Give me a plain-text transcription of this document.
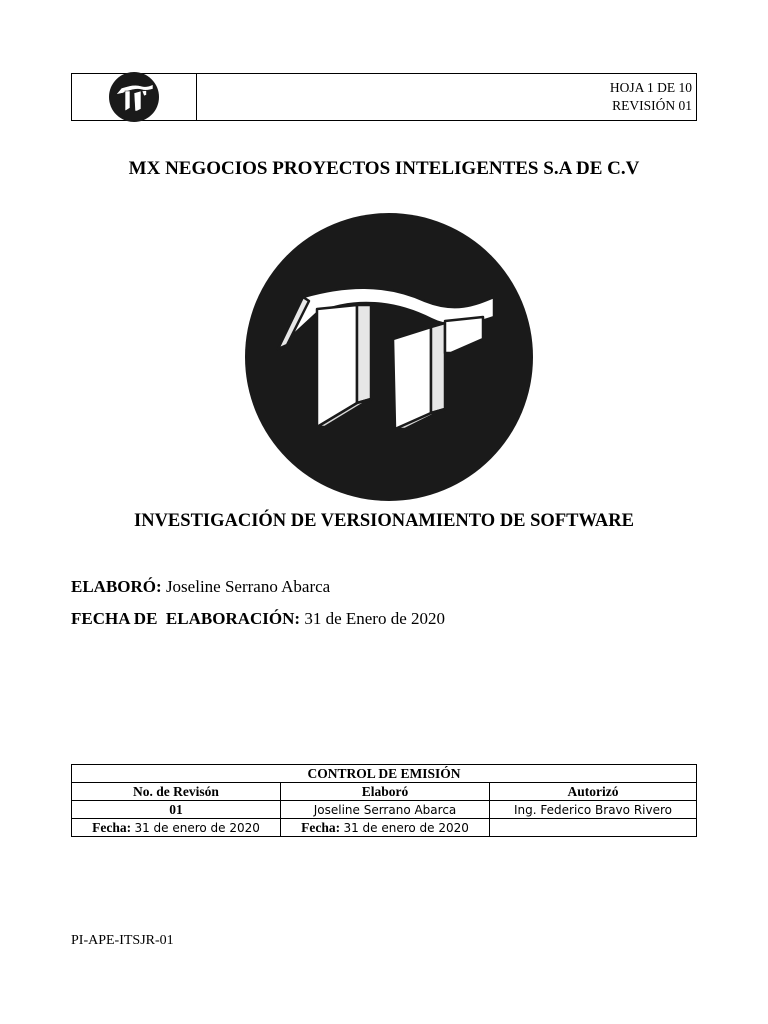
HOJA 1 DE 10
REVISIÓN 01
MX NEGOCIOS PROYECTOS INTELIGENTES S.A DE C.V
INVESTIGACIÓN DE VERSIONAMIENTO DE SOFTWARE
ELABORÓ: Joseline Serrano Abarca
FECHA DE  ELABORACIÓN: 31 de Enero de 2020
CONTROL DE EMISIÓN		
No. de Revisón	Elaboró	Autorizó
01	Joseline Serrano Abarca	Ing. Federico Bravo Rivero
Fecha: 31 de enero de 2020	Fecha: 31 de enero de 2020	
PI-APE-ITSJR-01
